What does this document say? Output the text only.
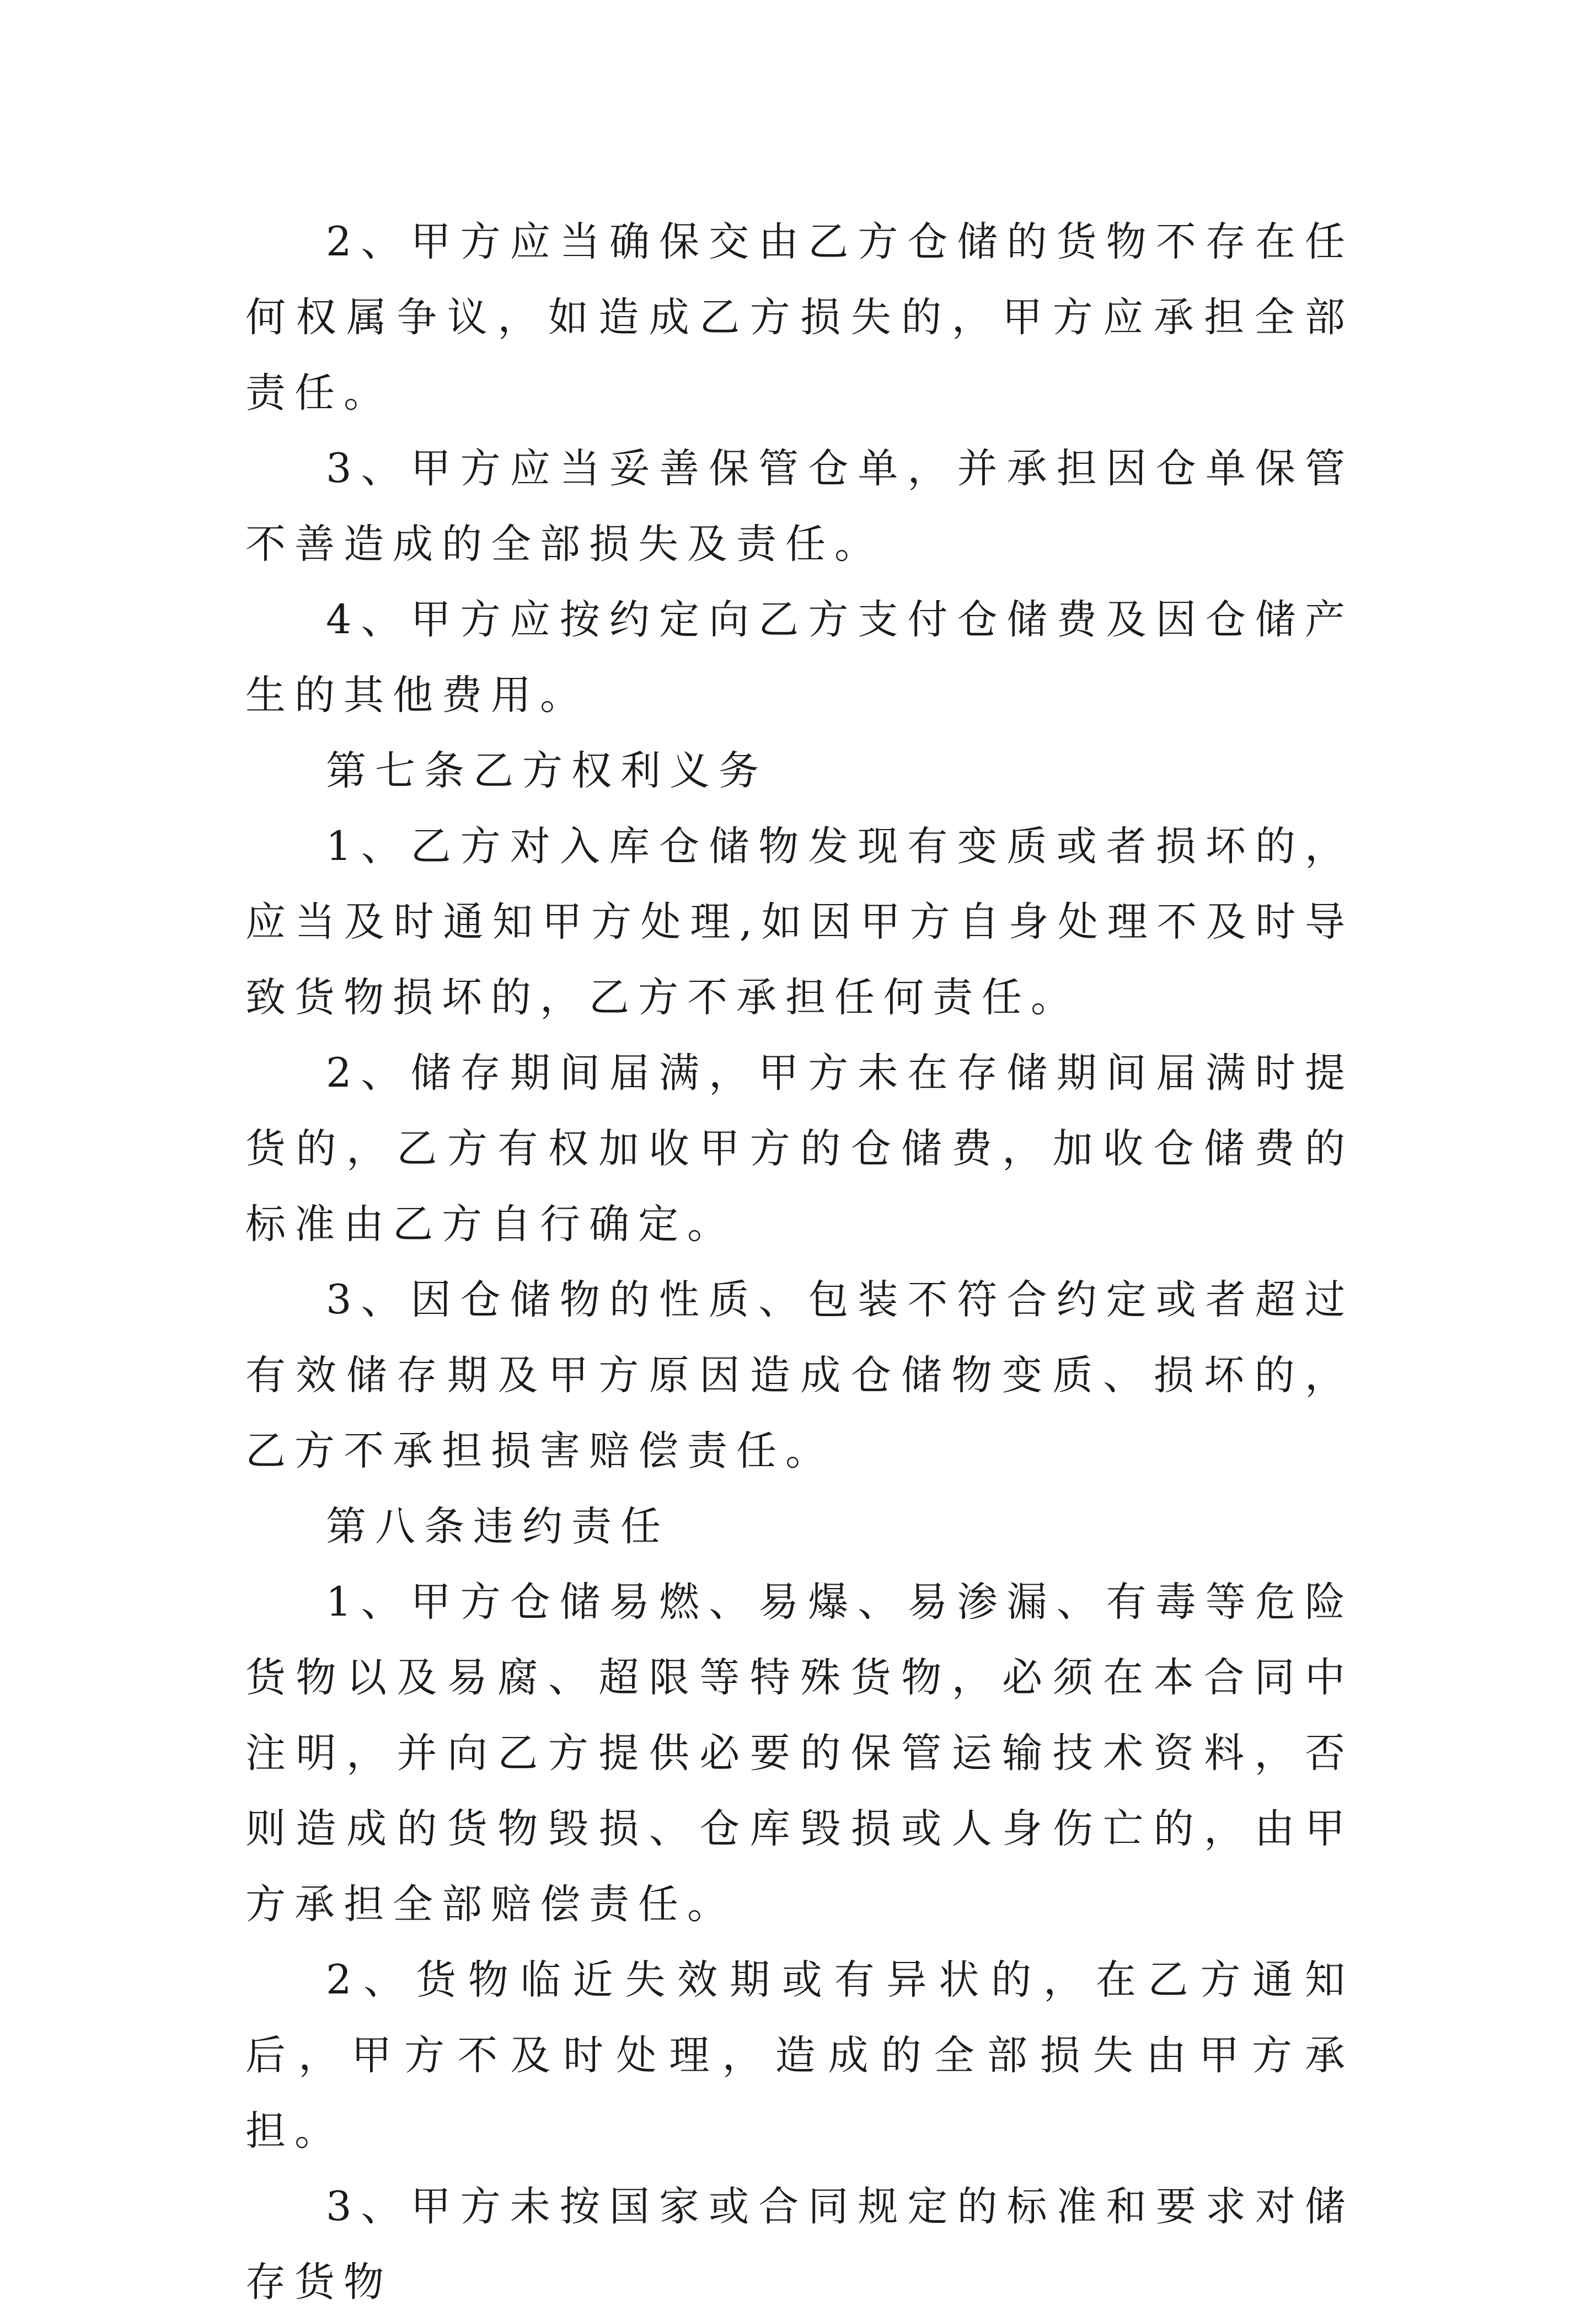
2、甲方应当确保交由乙方仓储的货物不存在任何权属争议，如造成乙方损失的，甲方应承担全部责任。

3、甲方应当妥善保管仓单，并承担因仓单保管不善造成的全部损失及责任。

4、甲方应按约定向乙方支付仓储费及因仓储产生的其他费用。

第七条乙方权利义务

1、乙方对入库仓储物发现有变质或者损坏的，应当及时通知甲方处理,如因甲方自身处理不及时导致货物损坏的，乙方不承担任何责任。

2、储存期间届满，甲方未在存储期间届满时提货的，乙方有权加收甲方的仓储费，加收仓储费的标准由乙方自行确定。

3、因仓储物的性质、包装不符合约定或者超过有效储存期及甲方原因造成仓储物变质、损坏的，乙方不承担损害赔偿责任。

第八条违约责任

1、甲方仓储易燃、易爆、易渗漏、有毒等危险货物以及易腐、超限等特殊货物，必须在本合同中注明，并向乙方提供必要的保管运输技术资料，否则造成的货物毁损、仓库毁损或人身伤亡的，由甲方承担全部赔偿责任。

2、货物临近失效期或有异状的，在乙方通知后，甲方不及时处理，造成的全部损失由甲方承担。

3、甲方未按国家或合同规定的标准和要求对储存货物
